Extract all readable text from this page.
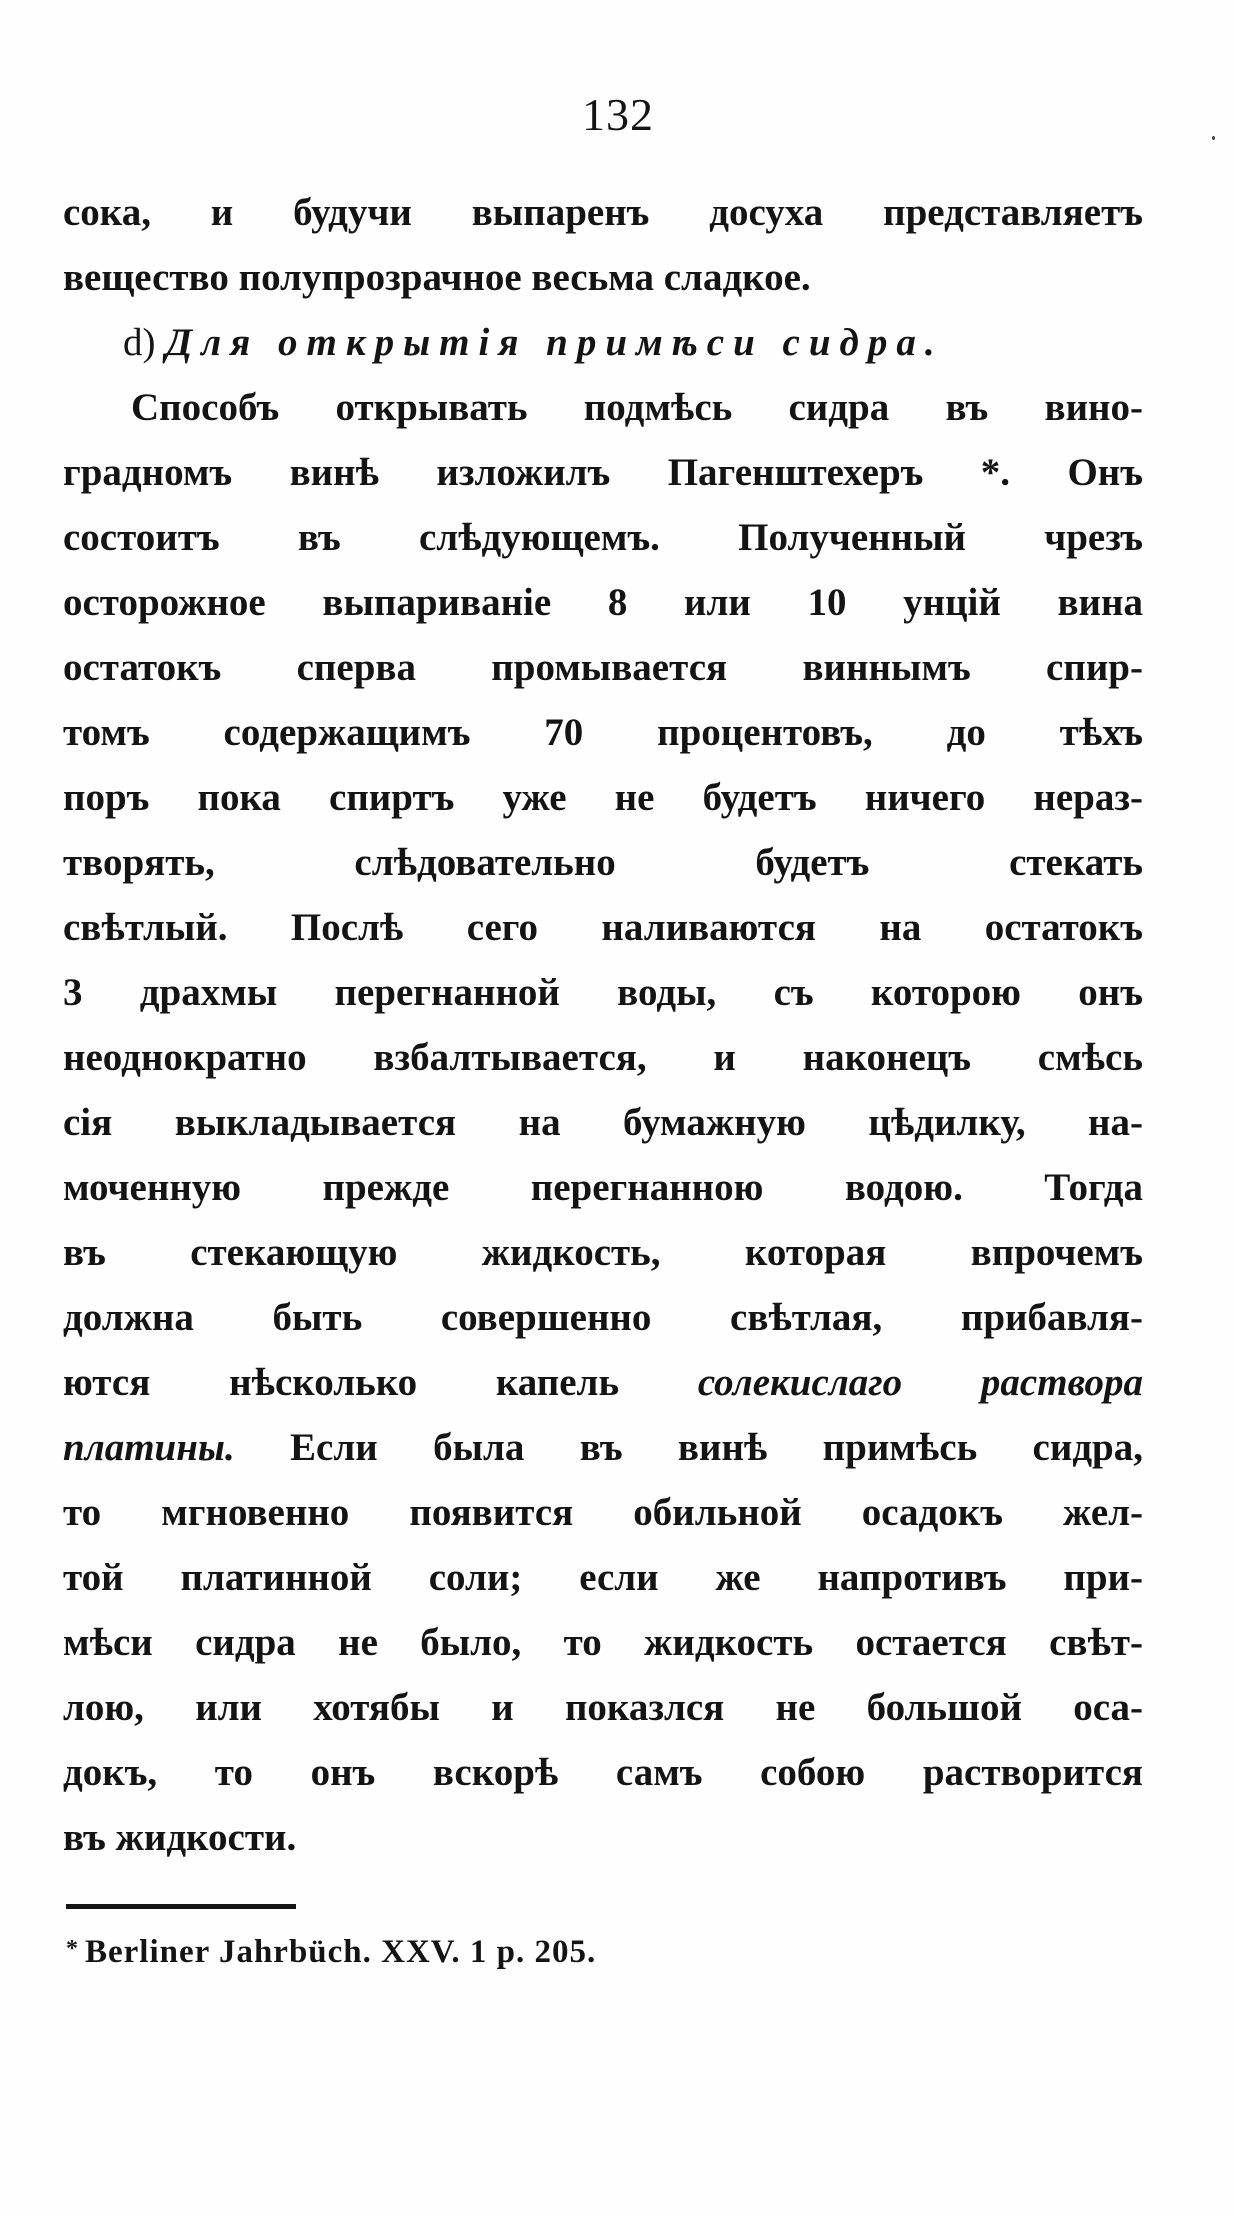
132
сока, и будучи выпаренъ досуха представляетъ
вещество полупрозрачное весьма сладкое.
d) Для открытія примѣси сидра.
Способъ открывать подмѣсь сидра въ вино-
градномъ винѣ изложилъ Пагенштехеръ *. Онъ
состоитъ въ слѣдующемъ. Полученный чрезъ
осторожное выпариваніе 8 или 10 унцій вина
остатокъ сперва промывается виннымъ спир-
томъ содержащимъ 70 процентовъ, до тѣхъ
поръ пока спиртъ уже не будетъ ничего нераз-
творять, слѣдовательно будетъ стекать
свѣтлый. Послѣ сего наливаются на остатокъ
3 драхмы перегнанной воды, съ которою онъ
неоднократно взбалтывается, и наконецъ смѣсь
сія выкладывается на бумажную цѣдилку, на-
моченную прежде перегнанною водою. Тогда
въ стекающую жидкость, которая впрочемъ
должна быть совершенно свѣтлая, прибавля-
ются нѣсколько капель солекислаго раствора
платины. Если была въ винѣ примѣсь сидра,
то мгновенно появится обильной осадокъ жел-
той платинной соли; если же напротивъ при-
мѣси сидра не было, то жидкость остается свѣт-
лою, или хотябы и показлся не большой оса-
докъ, то онъ вскорѣ самъ собою растворится
въ жидкости.
* Berliner Jahrbüch. XXV. 1 p. 205.
